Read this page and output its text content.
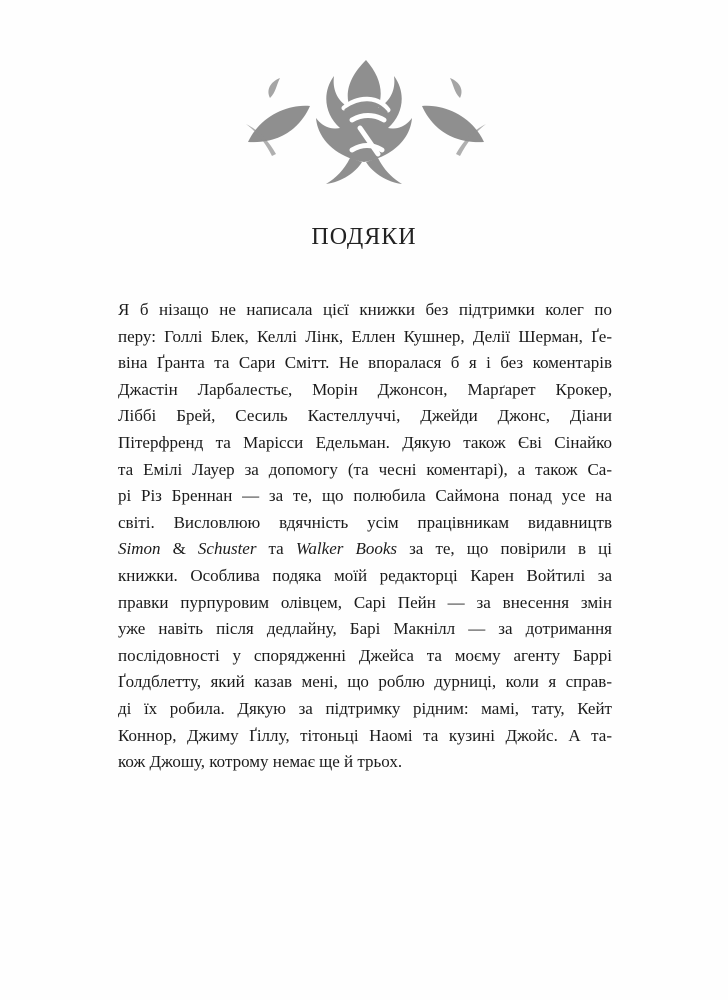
ПОДЯКИ
Я б нізащо не написала цієї книжки без підтримки колег по
перу: Голлі Блек, Келлі Лінк, Еллен Кушнер, Делії Шерман, Ґе-
віна Ґранта та Сари Смітт. Не впоралася б я і без коментарів
Джастін Ларбалестьє, Морін Джонсон, Марґарет Крокер,
Ліббі Брей, Сесиль Кастеллуччі, Джейди Джонс, Діани
Пітерфренд та Марісси Едельман. Дякую також Єві Сінайко
та Емілі Лауер за допомогу (та чесні коментарі), а також Са-
рі Різ Бреннан — за те, що полюбила Саймона понад усе на
світі. Висловлюю вдячність усім працівникам видавництв
Simon & Schuster та Walker Books за те, що повірили в ці
книжки. Особлива подяка моїй редакторці Карен Войтилі за
правки пурпуровим олівцем, Сарі Пейн — за внесення змін
уже навіть після дедлайну, Барі Макнілл — за дотримання
послідовності у спорядженні Джейса та моєму агенту Баррі
Ґолдблетту, який казав мені, що роблю дурниці, коли я справ-
ді їх робила. Дякую за підтримку рідним: мамі, тату, Кейт
Коннор, Джиму Ґіллу, тітоньці Наомі та кузині Джойс. А та-
кож Джошу, котрому немає ще й трьох.
